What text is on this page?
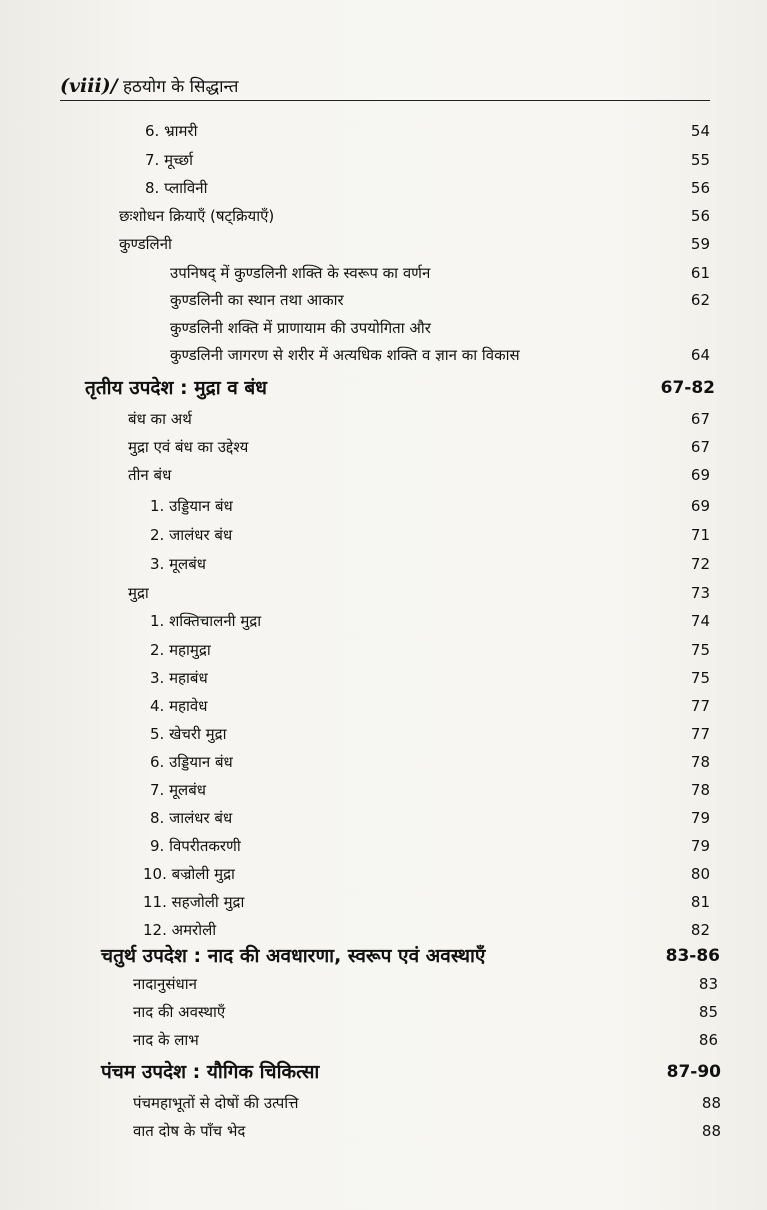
(viii)/ हठयोग के सिद्धान्त
6. भ्रामरी	54
7. मूर्च्छा	55
8. प्लाविनी	56
छःशोधन क्रियाएँ (षट्क्रियाएँ)	56
कुण्डलिनी	59
उपनिषद् में कुण्डलिनी शक्ति के स्वरूप का वर्णन	61
कुण्डलिनी का स्थान तथा आकार	62
कुण्डलिनी शक्ति में प्राणायाम की उपयोगिता और
कुण्डलिनी जागरण से शरीर में अत्यधिक शक्ति व ज्ञान का विकास	64
तृतीय उपदेश : मुद्रा व बंध	67-82
बंध का अर्थ	67
मुद्रा एवं बंध का उद्देश्य	67
तीन बंध	69
1. उड्डियान बंध	69
2. जालंधर बंध	71
3. मूलबंध	72
मुद्रा	73
1. शक्तिचालनी मुद्रा	74
2. महामुद्रा	75
3. महाबंध	75
4. महावेध	77
5. खेचरी मुद्रा	77
6. उड्डियान बंध	78
7. मूलबंध	78
8. जालंधर बंध	79
9. विपरीतकरणी	79
10. बज्रोली मुद्रा	80
11. सहजोली मुद्रा	81
12. अमरोली	82
चतुर्थ उपदेश : नाद की अवधारणा, स्वरूप एवं अवस्थाएँ	83-86
नादानुसंधान	83
नाद की अवस्थाएँ	85
नाद के लाभ	86
पंचम उपदेश : यौगिक चिकित्सा	87-90
पंचमहाभूतों से दोषों की उत्पत्ति	88
वात दोष के पाँच भेद	88
